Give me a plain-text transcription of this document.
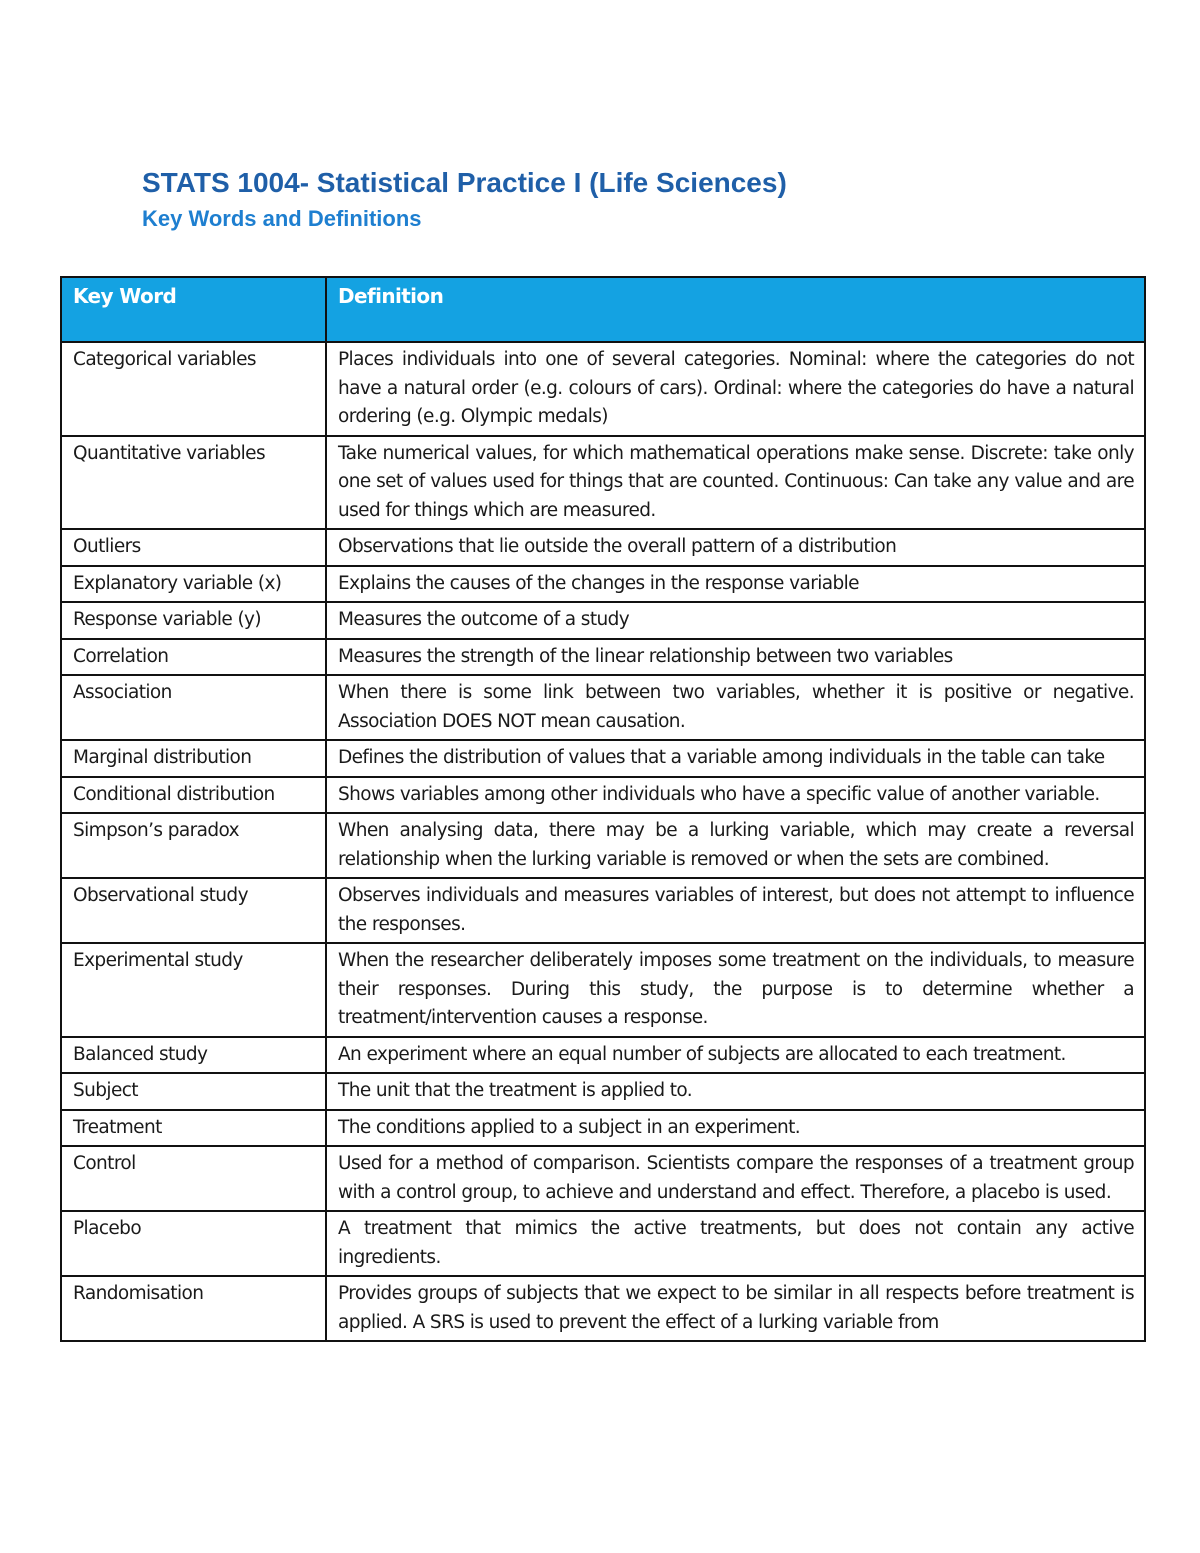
STATS 1004- Statistical Practice I (Life Sciences)
Key Words and Definitions
Key Word	Definition
Categorical variables	Places individuals into one of several categories. Nominal: where the categories do not have a natural order (e.g. colours of cars). Ordinal: where the categories do have a natural ordering (e.g. Olympic medals)
Quantitative variables	Take numerical values, for which mathematical operations make sense. Discrete: take only one set of values used for things that are counted. Continuous: Can take any value and are used for things which are measured.
Outliers	Observations that lie outside the overall pattern of a distribution
Explanatory variable (x)	Explains the causes of the changes in the response variable
Response variable (y)	Measures the outcome of a study
Correlation	Measures the strength of the linear relationship between two variables
Association	When there is some link between two variables, whether it is positive or negative. Association DOES NOT mean causation.
Marginal distribution	Defines the distribution of values that a variable among individuals in the table can take
Conditional distribution	Shows variables among other individuals who have a specific value of another variable.
Simpson’s paradox	When analysing data, there may be a lurking variable, which may create a reversal relationship when the lurking variable is removed or when the sets are combined.
Observational study	Observes individuals and measures variables of interest, but does not attempt to influence the responses.
Experimental study	When the researcher deliberately imposes some treatment on the individuals, to measure their responses. During this study, the purpose is to determine whether a treatment/intervention causes a response.
Balanced study	An experiment where an equal number of subjects are allocated to each treatment.
Subject	The unit that the treatment is applied to.
Treatment	The conditions applied to a subject in an experiment.
Control	Used for a method of comparison. Scientists compare the responses of a treatment group with a control group, to achieve and understand and effect. Therefore, a placebo is used.
Placebo	A treatment that mimics the active treatments, but does not contain any active ingredients.
Randomisation	Provides groups of subjects that we expect to be similar in all respects before treatment is applied. A SRS is used to prevent the effect of a lurking variable from
